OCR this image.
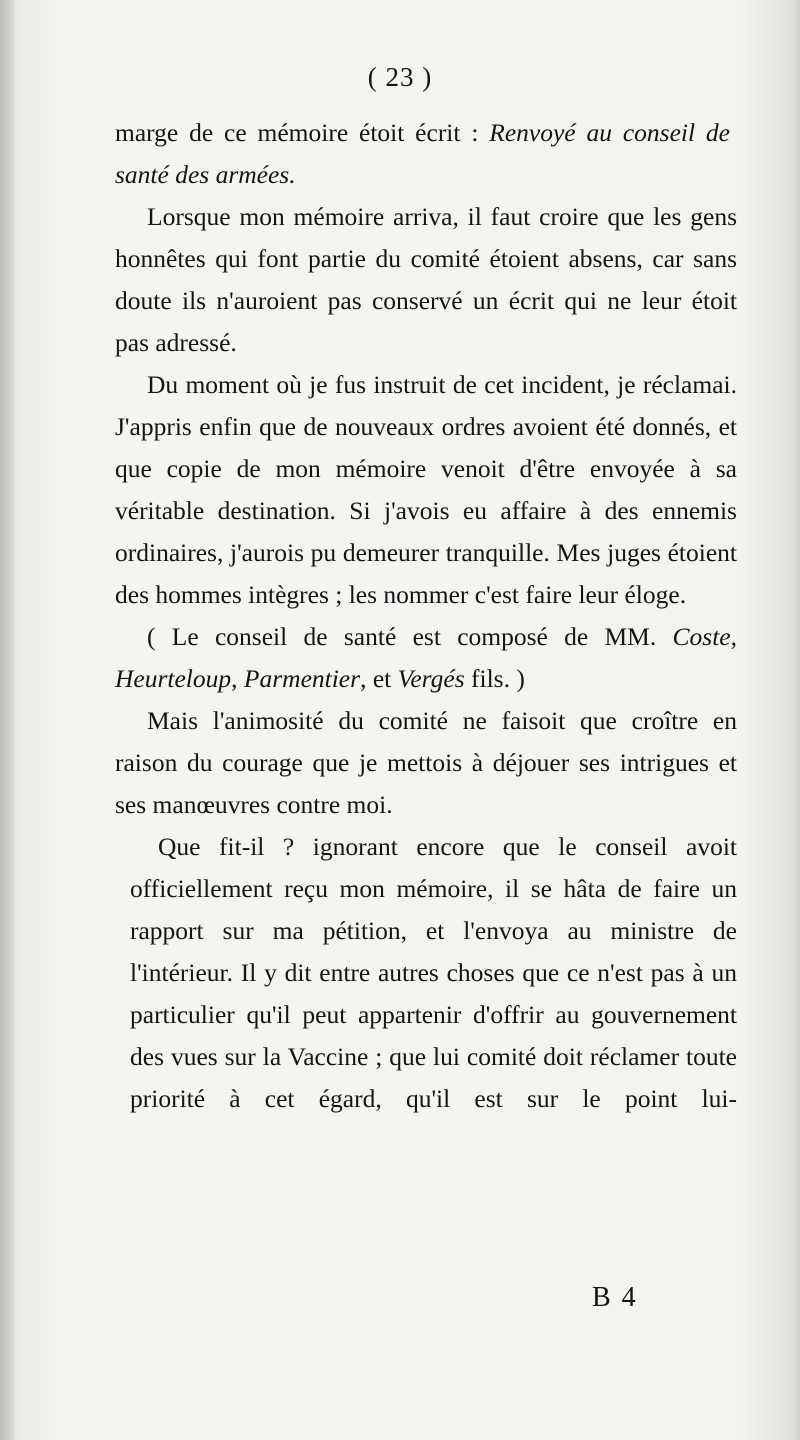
( 23 )

marge de ce mémoire étoit écrit : Renvoyé au conseil de santé des armées.

Lorsque mon mémoire arriva, il faut croire que les gens honnêtes qui font partie du comité étoient absens, car sans doute ils n'auroient pas conservé un écrit qui ne leur étoit pas adressé.

Du moment où je fus instruit de cet incident, je réclamai. J'appris enfin que de nouveaux ordres avoient été donnés, et que copie de mon mémoire venoit d'être envoyée à sa véritable destination. Si j'avois eu affaire à des ennemis ordinaires, j'aurois pu demeurer tranquille. Mes juges étoient des hommes intègres ; les nommer c'est faire leur éloge.

( Le conseil de santé est composé de MM. Coste, Heurteloup, Parmentier, et Vergés fils. )

Mais l'animosité du comité ne faisoit que croître en raison du courage que je mettois à déjouer ses intrigues et ses manœuvres contre moi.

Que fit-il ? ignorant encore que le conseil avoit officiellement reçu mon mémoire, il se hâta de faire un rapport sur ma pétition, et l'envoya au ministre de l'intérieur. Il y dit entre autres choses que ce n'est pas à un particulier qu'il peut appartenir d'offrir au gouvernement des vues sur la Vaccine ; que lui comité doit réclamer toute priorité à cet égard, qu'il est sur le point lui-

B 4
